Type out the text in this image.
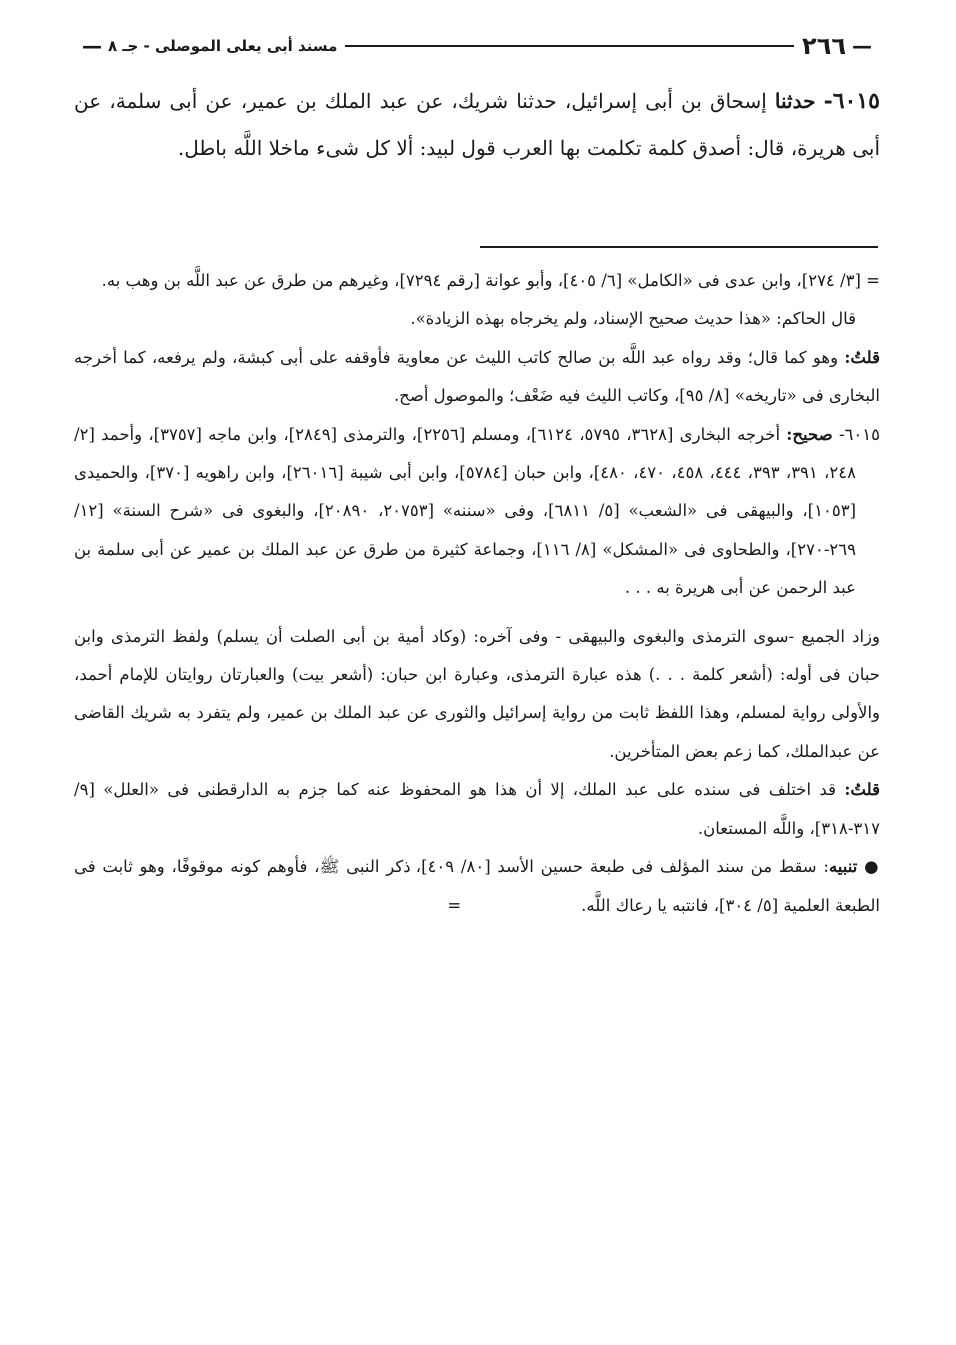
—
٢٦٦
مسند أبى يعلى الموصلى - جـ ٨
—

٦٠١٥- حدثنا إسحاق بن أبى إسرائيل، حدثنا شريك، عن عبد الملك بن عمير، عن أبى سلمة، عن أبى هريرة، قال: أصدق كلمة تكلمت بها العرب قول لبيد: ألا كل شىء ماخلا اللَّه باطل.

= [٣/ ٢٧٤]، وابن عدى فى «الكامل» [٦/ ٤٠٥]، وأبو عوانة [رقم ٧٢٩٤]، وغيرهم من طرق عن عبد اللَّه بن وهب به.

قال الحاكم: «هذا حديث صحيح الإسناد، ولم يخرجاه بهذه الزيادة».

قلتُ: وهو كما قال؛ وقد رواه عبد اللَّه بن صالح كاتب الليث عن معاوية فأوقفه على أبى كبشة، ولم يرفعه، كما أخرجه البخارى فى «تاريخه» [٨/ ٩٥]، وكاتب الليث فيه ضَعْف؛ والموصول أصح.

٦٠١٥- صحيح: أخرجه البخارى [٣٦٢٨، ٥٧٩٥، ٦١٢٤]، ومسلم [٢٢٥٦]، والترمذى [٢٨٤٩]، وابن ماجه [٣٧٥٧]، وأحمد [٢/ ٢٤٨، ٣٩١، ٣٩٣، ٤٤٤، ٤٥٨، ٤٧٠، ٤٨٠]، وابن حبان [٥٧٨٤]، وابن أبى شيبة [٢٦٠١٦]، وابن راهويه [٣٧٠]، والحميدى [١٠٥٣]، والبيهقى فى «الشعب» [٥/ ٦٨١١]، وفى «سننه» [٢٠٧٥٣، ٢٠٨٩٠]، والبغوى فى «شرح السنة» [١٢/ ٢٦٩-٢٧٠]، والطحاوى فى «المشكل» [٨/ ١١٦]، وجماعة كثيرة من طرق عن عبد الملك بن عمير عن أبى سلمة بن عبد الرحمن عن أبى هريرة به . . .

وزاد الجميع -سوى الترمذى والبغوى والبيهقى - وفى آخره: (وكاد أمية بن أبى الصلت أن يسلم) ولفظ الترمذى وابن حبان فى أوله: (أشعر كلمة . . .) هذه عبارة الترمذى، وعبارة ابن حبان: (أشعر بيت) والعبارتان روايتان للإمام أحمد، والأولى رواية لمسلم، وهذا اللفظ ثابت من رواية إسرائيل والثورى عن عبد الملك بن عمير، ولم يتفرد به شريك القاضى عن عبدالملك، كما زعم بعض المتأخرين.

قلتُ: قد اختلف فى سنده على عبد الملك، إلا أن هذا هو المحفوظ عنه كما جزم به الدارقطنى فى «العلل» [٩/ ٣١٧-٣١٨]، واللَّه المستعان.

● تنبيه: سقط من سند المؤلف فى طبعة حسين الأسد [٨٠/ ٤٠٩]، ذكر النبى ﷺ، فأوهم كونه موقوفًا، وهو ثابت فى الطبعة العلمية [٥/ ٣٠٤]، فانتبه يا رعاك اللَّه.=
